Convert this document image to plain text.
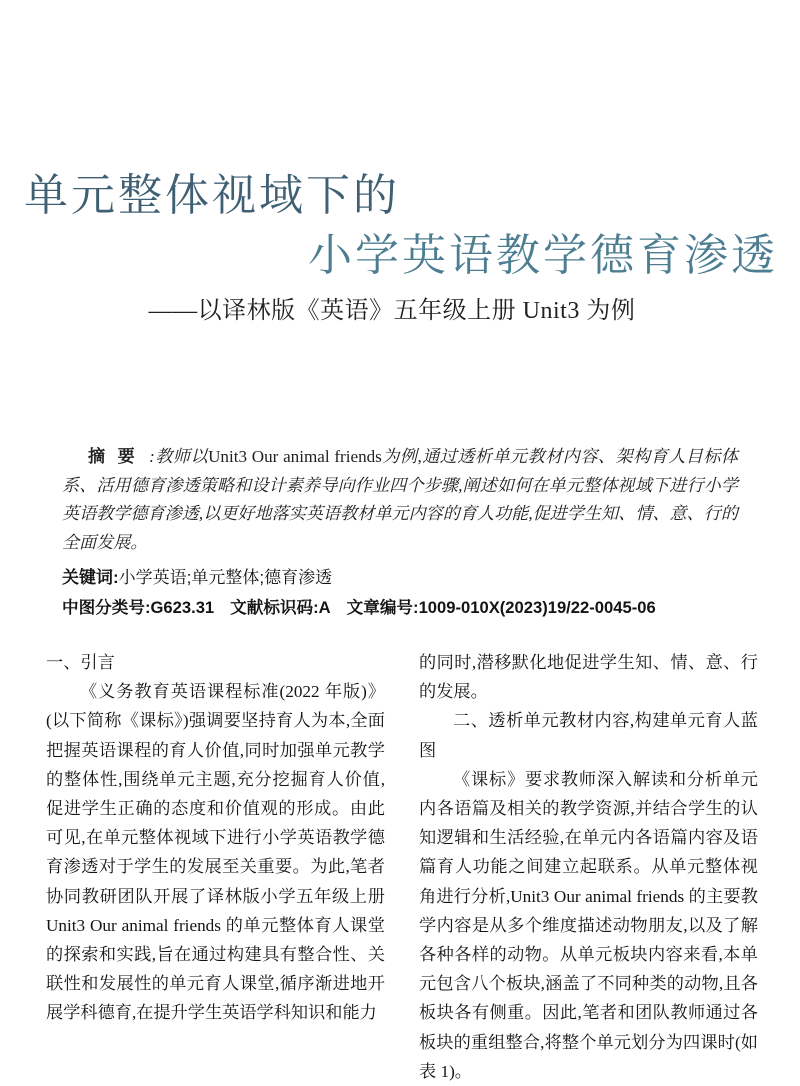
单元整体视域下的
小学英语教学德育渗透
——以译林版《英语》五年级上册 Unit3 为例

摘要 :教师以Unit3 Our animal friends为例,通过透析单元教材内容、架构育人目标体系、活用德育渗透策略和设计素养导向作业四个步骤,阐述如何在单元整体视域下进行小学英语教学德育渗透,以更好地落实英语教材单元内容的育人功能,促进学生知、情、意、行的全面发展。

关键词:小学英语;单元整体;德育渗透

中图分类号:G623.31 文献标识码:A 文章编号:1009-010X(2023)19/22-0045-06

一、引言

《义务教育英语课程标准(2022 年版)》(以下简称《课标》)强调要坚持育人为本,全面把握英语课程的育人价值,同时加强单元教学的整体性,围绕单元主题,充分挖掘育人价值,促进学生正确的态度和价值观的形成。由此可见,在单元整体视域下进行小学英语教学德育渗透对于学生的发展至关重要。为此,笔者协同教研团队开展了译林版小学五年级上册Unit3 Our animal friends 的单元整体育人课堂的探索和实践,旨在通过构建具有整合性、关联性和发展性的单元育人课堂,循序渐进地开展学科德育,在提升学生英语学科知识和能力

的同时,潜移默化地促进学生知、情、意、行的发展。

二、透析单元教材内容,构建单元育人蓝图

《课标》要求教师深入解读和分析单元内各语篇及相关的教学资源,并结合学生的认知逻辑和生活经验,在单元内各语篇内容及语篇育人功能之间建立起联系。从单元整体视角进行分析,Unit3 Our animal friends 的主要教学内容是从多个维度描述动物朋友,以及了解各种各样的动物。从单元板块内容来看,本单元包含八个板块,涵盖了不同种类的动物,且各板块各有侧重。因此,笔者和团队教师通过各板块的重组整合,将整个单元划分为四课时(如表 1)。
